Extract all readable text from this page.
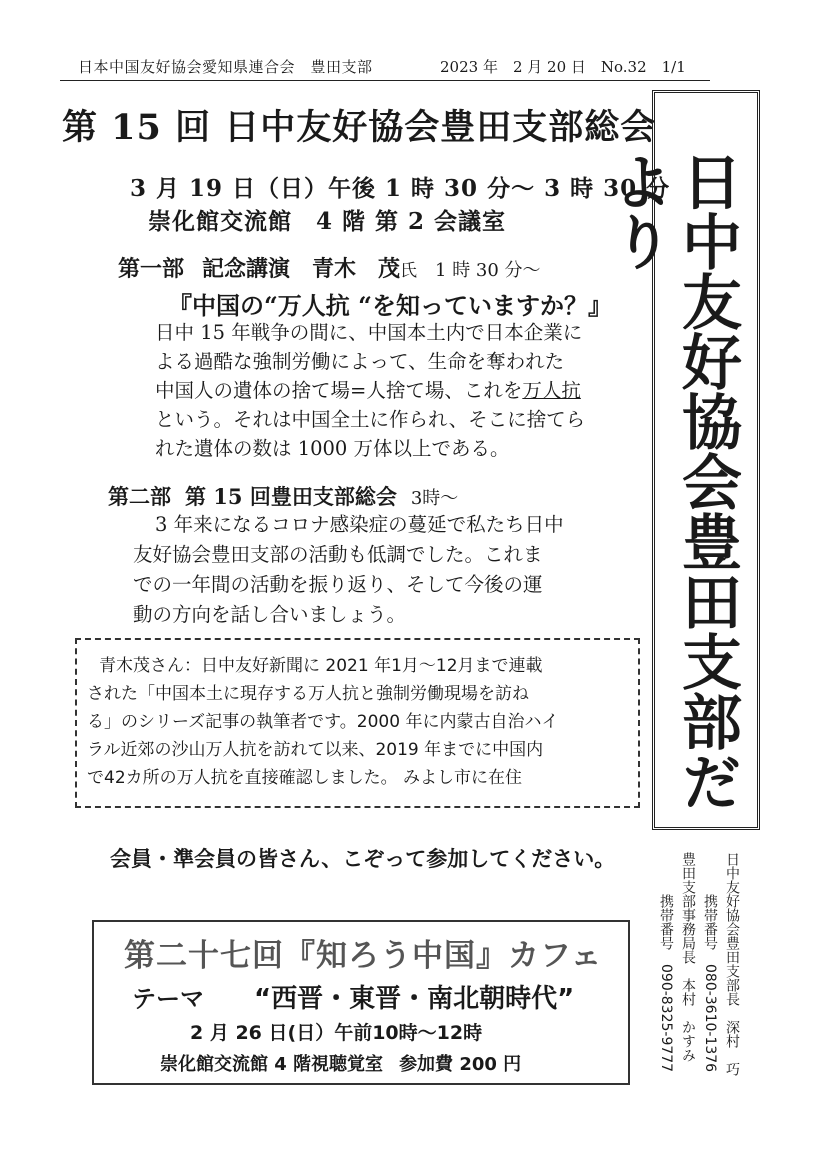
日本中国友好協会愛知県連合会　豊田支部	2023 年　2 月 20 日　No.32　1/1
第 15 回 日中友好協会豊田支部総会
3 月 19 日（日）午後 1 時 30 分～ 3 時 30 分
崇化館交流館　4 階 第 2 会議室
第一部 記念講演　青木　茂氏 1 時 30 分～
『中国の“万人抗 “を知っていますか？』

日中 15 年戦争の間に、中国本土内で日本企業に

よる過酷な強制労働によって、生命を奪われた

中国人の遺体の捨て場=人捨て場、これを万人抗

という。それは中国全土に作られ、そこに捨てら

れた遺体の数は 1000 万体以上である。

第二部 第 15 回豊田支部総会 3時～

3 年来になるコロナ感染症の蔓延で私たち日中

友好協会豊田支部の活動も低調でした。これま

での一年間の活動を振り返り、そして今後の運

動の方向を話し合いましょう。

青木茂さん：日中友好新聞に 2021 年1月～12月まで連載

された「中国本土に現存する万人抗と強制労働現場を訪ね

る」のシリーズ記事の執筆者です。2000 年に内蒙古自治ハイ

ラル近郊の沙山万人抗を訪れて以来、2019 年までに中国内

で42カ所の万人抗を直接確認しました。 みよし市に在住	日中友好協会豊田支部だより
会員・準会員の皆さん、こぞって参加してください。	日中友好協会豊田支部長　深村　巧
携帯番号　080-3610-1376
豊田支部事務局長　本村　かすみ
携帯番号　090-8325-9777
第二十七回『知ろう中国』カフェ
テーマ “西晋・東晋・南北朝時代”
2 月 26 日(日）午前10時～12時
崇化館交流館 4 階視聴覚室 参加費 200 円
